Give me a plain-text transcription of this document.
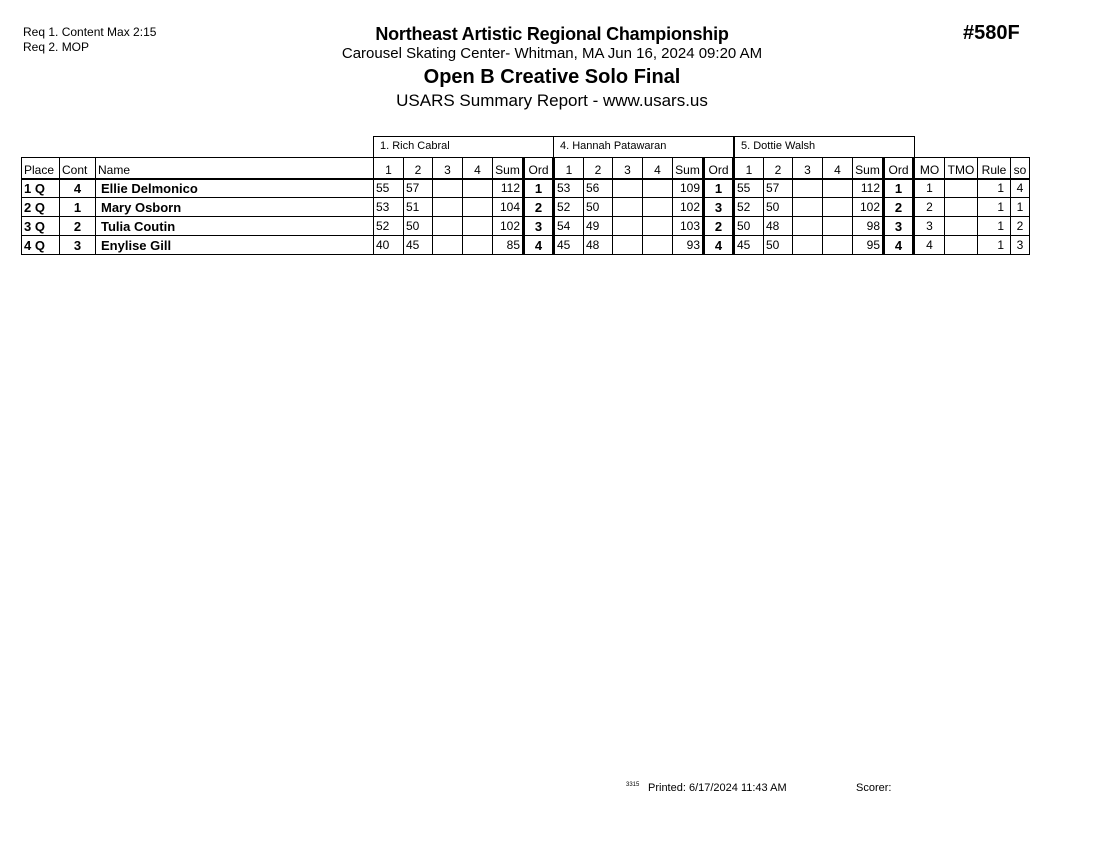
Req 1. Content Max 2:15
Req 2. MOP
#580F
Northeast Artistic Regional Championship
Carousel Skating Center- Whitman, MA Jun 16, 2024 09:20 AM
Open B Creative Solo Final
USARS Summary Report - www.usars.us
1. Rich Cabral	4. Hannah Patawaran	5. Dottie Walsh
Place	Cont	Name	1	2	3	4	Sum	Ord	1	2	3	4	Sum	Ord	1	2	3	4	Sum	Ord	MO	TMO	Rule	so
1 Q	4	Ellie Delmonico	55	57			112	1	53	56			109	1	55	57			112	1	1		1	4
2 Q	1	Mary Osborn	53	51			104	2	52	50			102	3	52	50			102	2	2		1	1
3 Q	2	Tulia Coutin	52	50			102	3	54	49			103	2	50	48			98	3	3		1	2
4 Q	3	Enylise Gill	40	45			85	4	45	48			93	4	45	50			95	4	4		1	3
3315 Printed: 6/17/2024 11:43 AM	Scorer:
